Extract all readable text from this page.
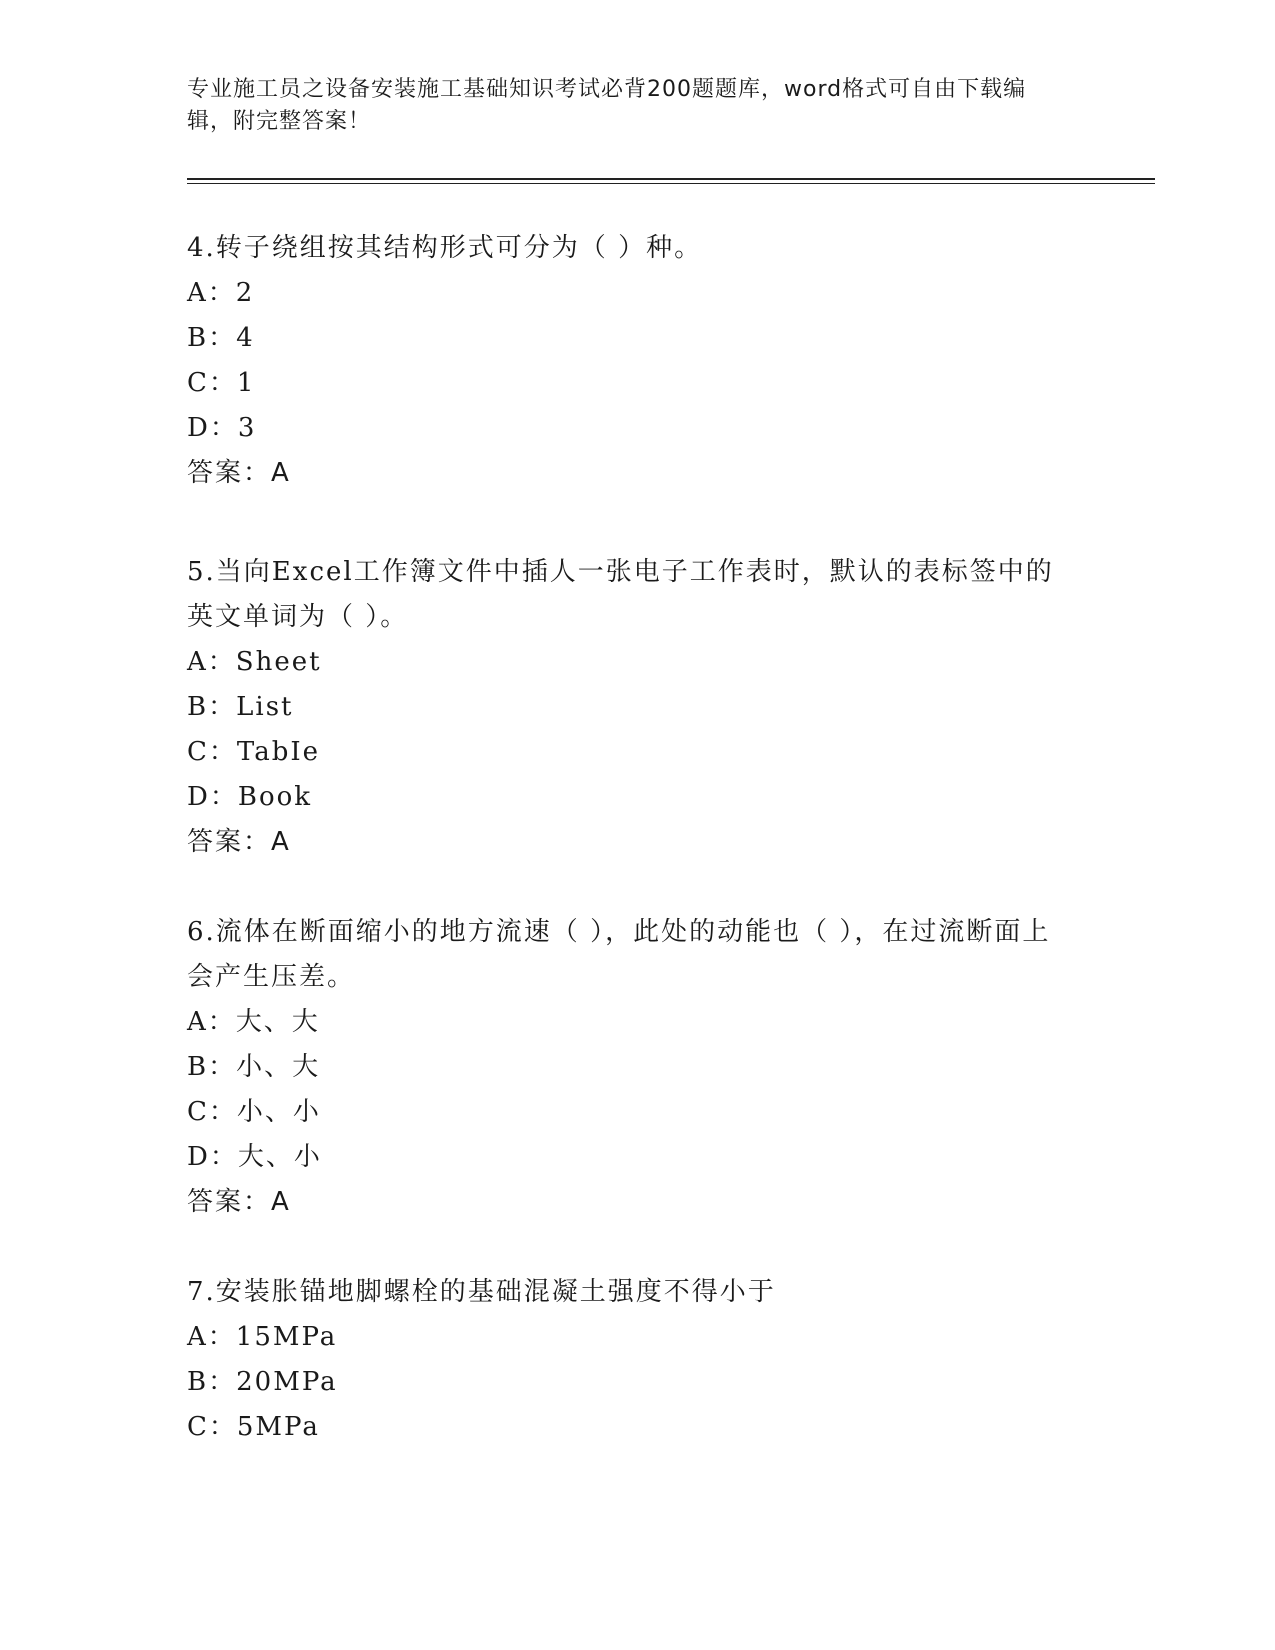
专业施工员之设备安装施工基础知识考试必背200题题库，word格式可自由下载编辑，附完整答案！

4.转子绕组按其结构形式可分为（ ）种。

A：2

B：4

C：1

D：3

答案：A

5.当向Excel工作簿文件中插人一张电子工作表时，默认的表标签中的英文单词为（ ）。

A：Sheet

B：List

C：TabIe

D：Book

答案：A

6.流体在断面缩小的地方流速（ ），此处的动能也（ ），在过流断面上会产生压差。

A：大、大

B：小、大

C：小、小

D：大、小

答案：A

7.安装胀锚地脚螺栓的基础混凝土强度不得小于

A：15MPa

B：20MPa

C：5MPa
